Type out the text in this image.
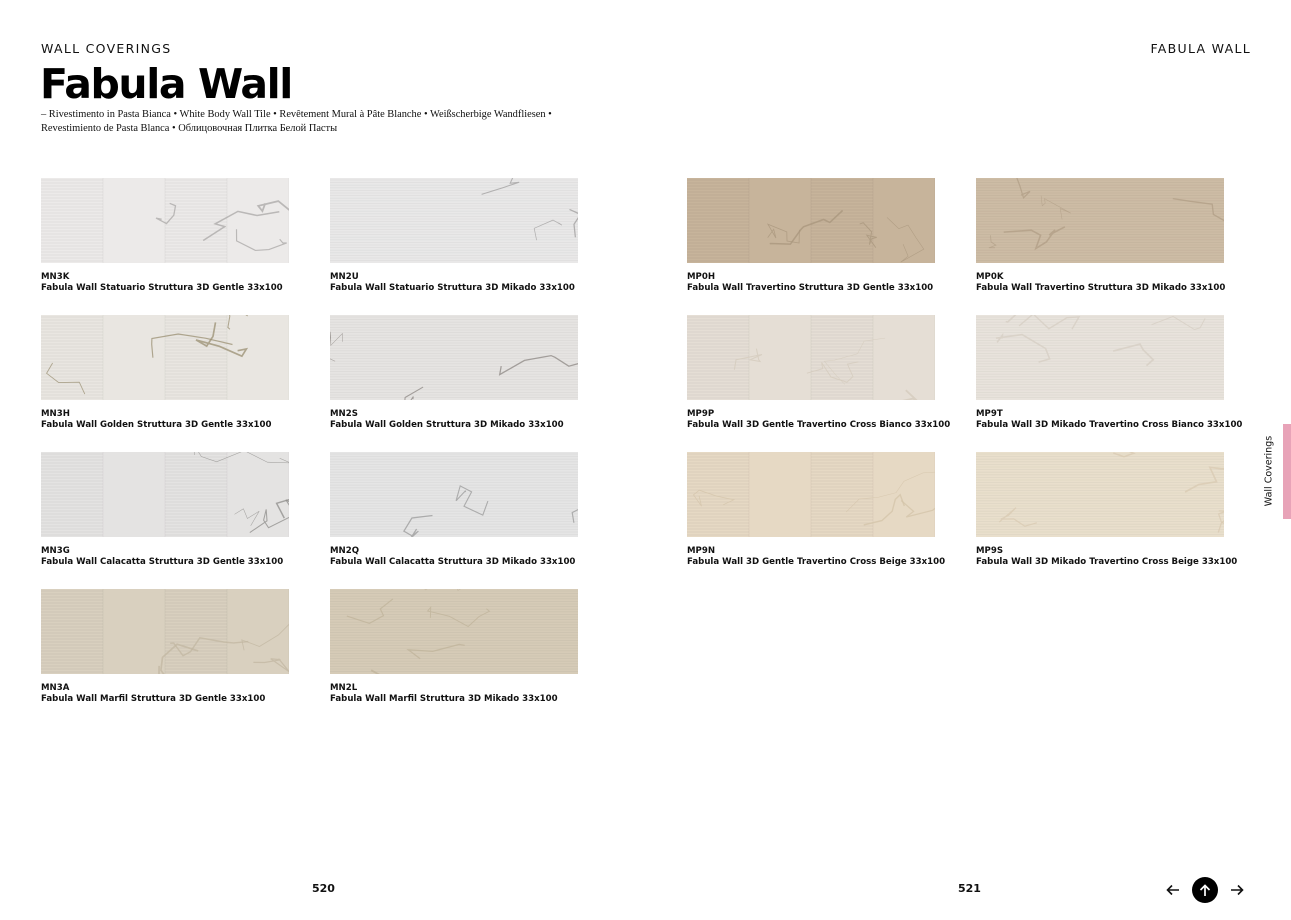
WALL COVERINGS	FABULA WALL
Fabula Wall
– Rivestimento in Pasta Bianca • White Body Wall Tile • Revêtement Mural à Pâte Blanche • Weißscherbige Wandfliesen •
Revestimiento de Pasta Blanca • Облицовочная Плитка Белой Пасты
MN3K
Fabula Wall Statuario Struttura 3D Gentle 33x100
MN2U
Fabula Wall Statuario Struttura 3D Mikado 33x100
MN3H
Fabula Wall Golden Struttura 3D Gentle 33x100
MN2S
Fabula Wall Golden Struttura 3D Mikado 33x100
MN3G
Fabula Wall Calacatta Struttura 3D Gentle 33x100
MN2Q
Fabula Wall Calacatta Struttura 3D Mikado 33x100
MN3A
Fabula Wall Marfil Struttura 3D Gentle 33x100
MN2L
Fabula Wall Marfil Struttura 3D Mikado 33x100
MP0H
Fabula Wall Travertino Struttura 3D Gentle 33x100
MP0K
Fabula Wall Travertino Struttura 3D Mikado 33x100
MP9P
Fabula Wall 3D Gentle Travertino Cross Bianco 33x100
MP9T
Fabula Wall 3D Mikado Travertino Cross Bianco 33x100
MP9N
Fabula Wall 3D Gentle Travertino Cross Beige 33x100
MP9S
Fabula Wall 3D Mikado Travertino Cross Beige 33x100
520	521
Wall Coverings
